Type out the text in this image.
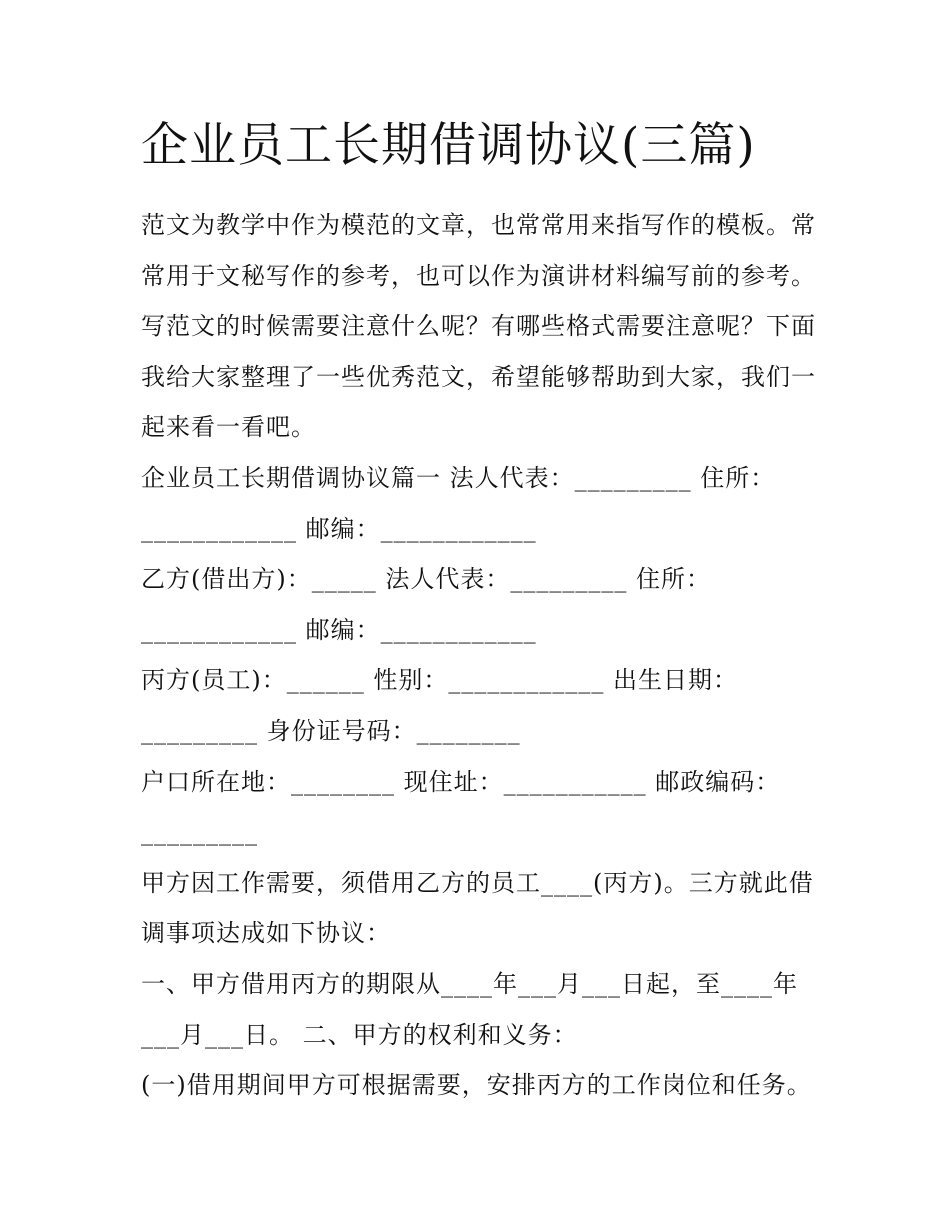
企业员工长期借调协议(三篇)

范文为教学中作为模范的文章，也常常用来指写作的模板。常

常用于文秘写作的参考，也可以作为演讲材料编写前的参考。

写范文的时候需要注意什么呢？有哪些格式需要注意呢？下面

我给大家整理了一些优秀范文，希望能够帮助到大家，我们一

起来看一看吧。

企业员工长期借调协议篇一 法人代表：_________ 住所：

____________ 邮编：____________

乙方(借出方)：_____ 法人代表：_________ 住所：

____________ 邮编：____________

丙方(员工)：______ 性别：____________ 出生日期：

_________ 身份证号码：________

户口所在地：________ 现住址：___________ 邮政编码：

_________

甲方因工作需要，须借用乙方的员工____(丙方)。三方就此借

调事项达成如下协议：

一、甲方借用丙方的期限从____年___月___日起，至____年

___月___日。 二、甲方的权利和义务：

(一)借用期间甲方可根据需要，安排丙方的工作岗位和任务。
